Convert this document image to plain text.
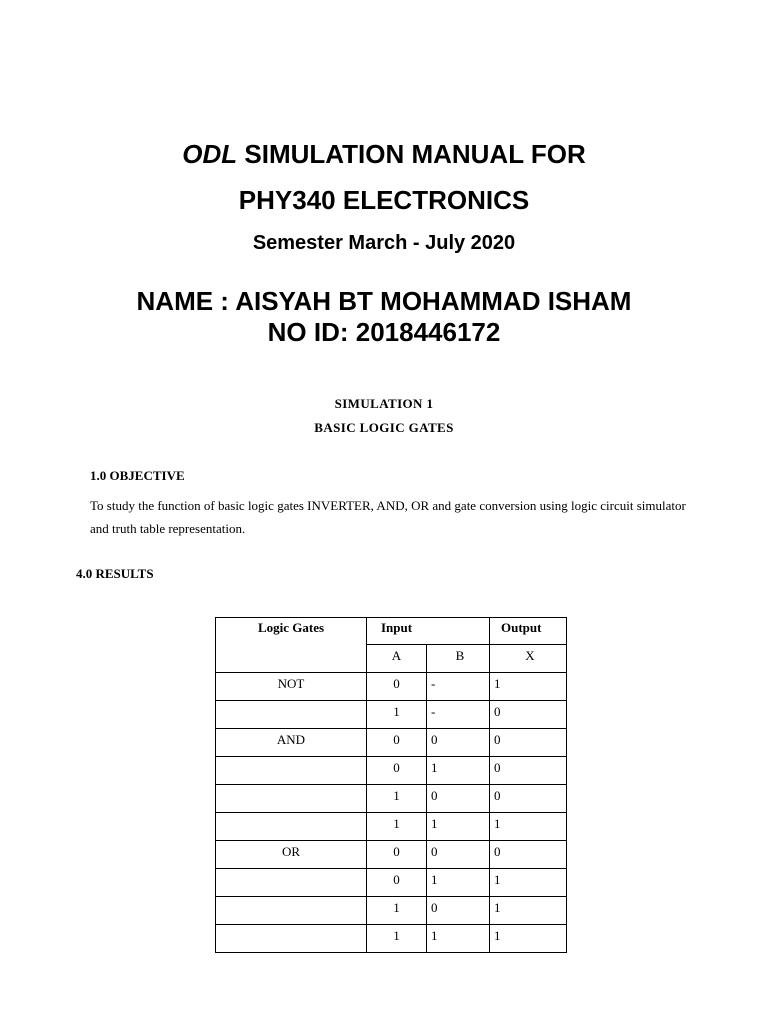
ODL SIMULATION MANUAL FOR
PHY340 ELECTRONICS
Semester March - July 2020
NAME : AISYAH BT MOHAMMAD ISHAM
NO ID: 2018446172
SIMULATION 1
BASIC LOGIC GATES
1.0 OBJECTIVE
To study the function of basic logic gates INVERTER, AND, OR and gate conversion using logic circuit simulator and truth table representation.
4.0 RESULTS
Logic Gates	Input		Output
	A	B	X
NOT	0	-	1
	1	-	0
AND	0	0	0
	0	1	0
	1	0	0
	1	1	1
OR	0	0	0
	0	1	1
	1	0	1
	1	1	1
